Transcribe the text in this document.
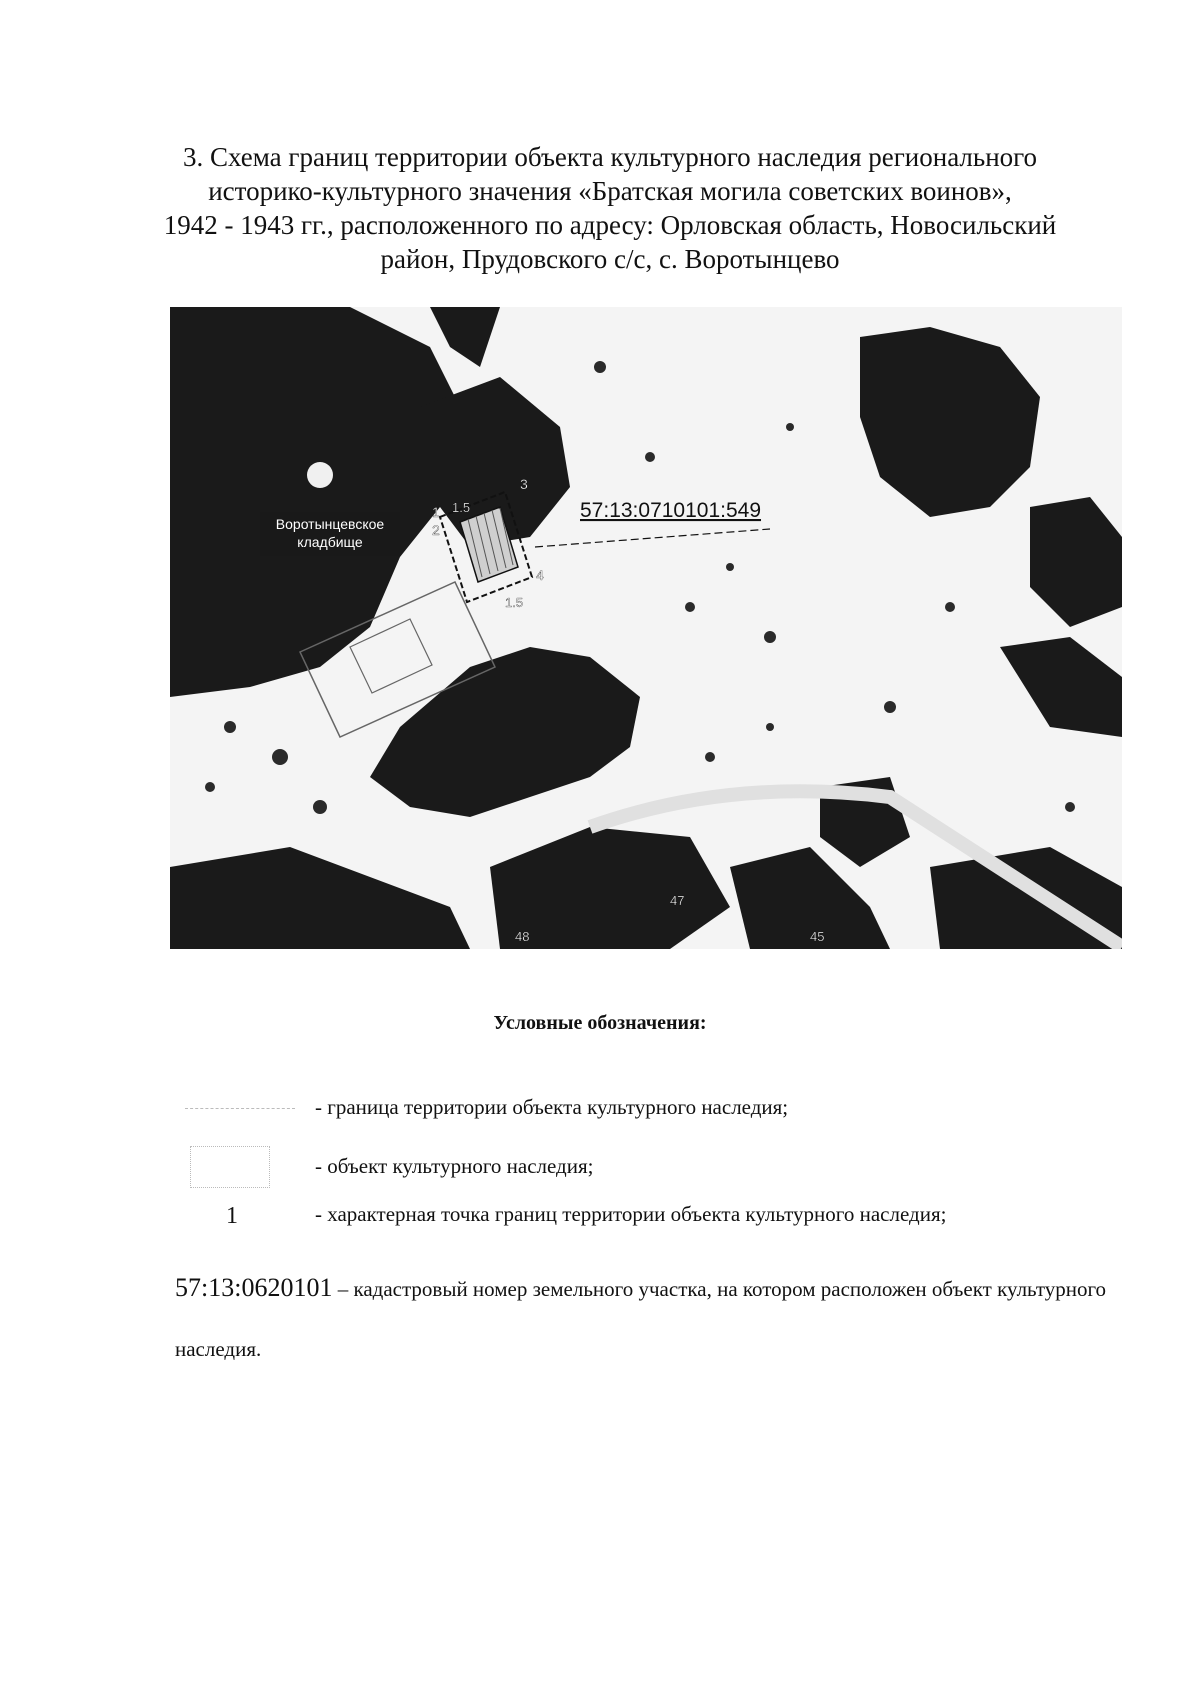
3. Схема границ территории объекта культурного наследия регионального
историко-культурного значения «Братская могила советских воинов»,
1942 - 1943 гг., расположенного по адресу: Орловская область, Новосильский
район, Прудовского с/с, с. Воротынцево
Воротынцевское
кладбище
1
2
3
4
1.5
1.5
57:13:0710101:549
48
47
45
Условные обозначения:
- граница территории объекта культурного наследия;
- объект культурного наследия;
1	- характерная точка границ территории объекта культурного наследия;
57:13:0620101 – кадастровый номер земельного участка, на котором расположен объект культурного наследия.
